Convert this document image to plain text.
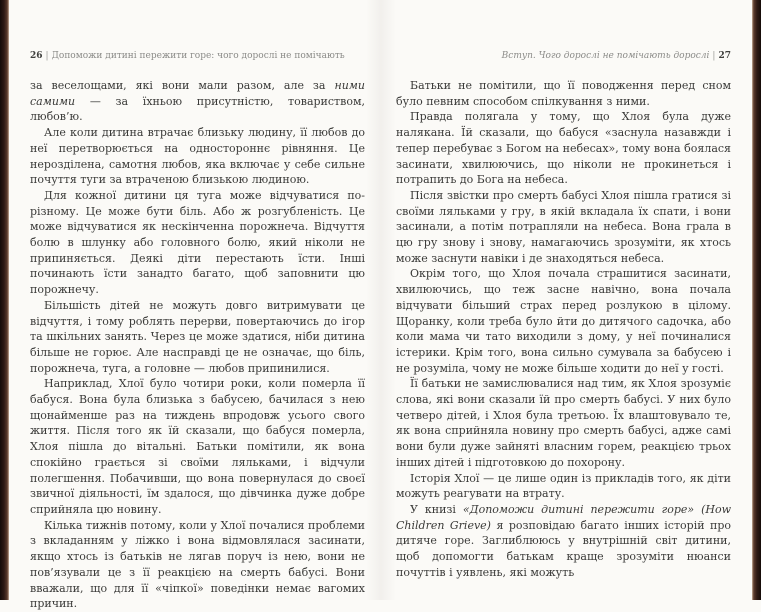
26 | Допоможи дитині пережити горе: чого дорослі не помічають

за веселощами, які вони мали разом, але за ними самими — за їхньою присутністю, товариством, любов’ю.

Але коли дитина втрачає близьку людину, її любов до неї перетворюється на одностороннє рівняння. Це нерозділена, самотня любов, яка включає у себе сильне почуття туги за втраченою близькою людиною.

Для кожної дитини ця туга може відчуватися по-різному. Це може бути біль. Або ж розгубленість. Це може відчуватися як нескінченна порожнеча. Відчуття болю в шлунку або головного болю, який ніколи не припиняється. Деякі діти перестають їсти. Інші починають їсти занадто багато, щоб заповнити цю порожнечу.

Більшість дітей не можуть довго витримувати це відчуття, і тому роблять перерви, повертаючись до ігор та шкільних занять. Через це може здатися, ніби дитина більше не горює. Але насправді це не означає, що біль, порожнеча, туга, а головне — любов припинилися.

Наприклад, Хлої було чотири роки, коли померла її бабуся. Вона була близька з бабусею, бачилася з нею щонайменше раз на тиждень впродовж усього свого життя. Після того як їй сказали, що бабуся померла, Хлоя пішла до вітальні. Батьки помітили, як вона спокійно грається зі своїми ляльками, і відчули полегшення. Побачивши, що вона повернулася до своєї звичної діяльності, їм здалося, що дівчинка дуже добре сприйняла цю новину.

Кілька тижнів потому, коли у Хлої почалися проблеми з вкладанням у ліжко і вона відмовлялася засинати, якщо хтось із батьків не лягав поруч із нею, вони не пов’язували це з її реакцією на смерть бабусі. Вони вважали, що для її «чіпкої» поведінки немає вагомих причин.

Вступ. Чого дорослі не помічають дорослі | 27

Батьки не помітили, що її поводження перед сном було певним способом спілкування з ними.

Правда полягала у тому, що Хлоя була дуже налякана. Їй сказали, що бабуся «заснула назавжди і тепер перебуває з Богом на небесах», тому вона боялася засинати, хвилюючись, що ніколи не прокинеться і потрапить до Бога на небеса.

Після звістки про смерть бабусі Хлоя пішла гратися зі своїми ляльками у гру, в якій вкладала їх спати, і вони засинали, а потім потрапляли на небеса. Вона грала в цю гру знову і знову, намагаючись зрозуміти, як хтось може заснути навіки і де знаходяться небеса.

Окрім того, що Хлоя почала страшитися засинати, хвилюючись, що теж засне навічно, вона почала відчувати більший страх перед розлукою в цілому. Щоранку, коли треба було йти до дитячого садочка, або коли мама чи тато виходили з дому, у неї починалися істерики. Крім того, вона сильно сумувала за бабусею і не розуміла, чому не може більше ходити до неї у гості.

Її батьки не замислювалися над тим, як Хлоя зрозуміє слова, які вони сказали їй про смерть бабусі. У них було четверо дітей, і Хлоя була третьою. Їх влаштовувало те, як вона сприйняла новину про смерть бабусі, адже самі вони були дуже зайняті власним горем, реакцією трьох інших дітей і підготовкою до похорону.

Історія Хлої — це лише один із прикладів того, як діти можуть реагувати на втрату.

У книзі «Допоможи дитині пережити горе» (How Children Grieve) я розповідаю багато інших історій про дитяче горе. Заглиблююсь у внутрішній світ дитини, щоб допомогти батькам краще зрозуміти нюанси почуттів і уявлень, які можуть
